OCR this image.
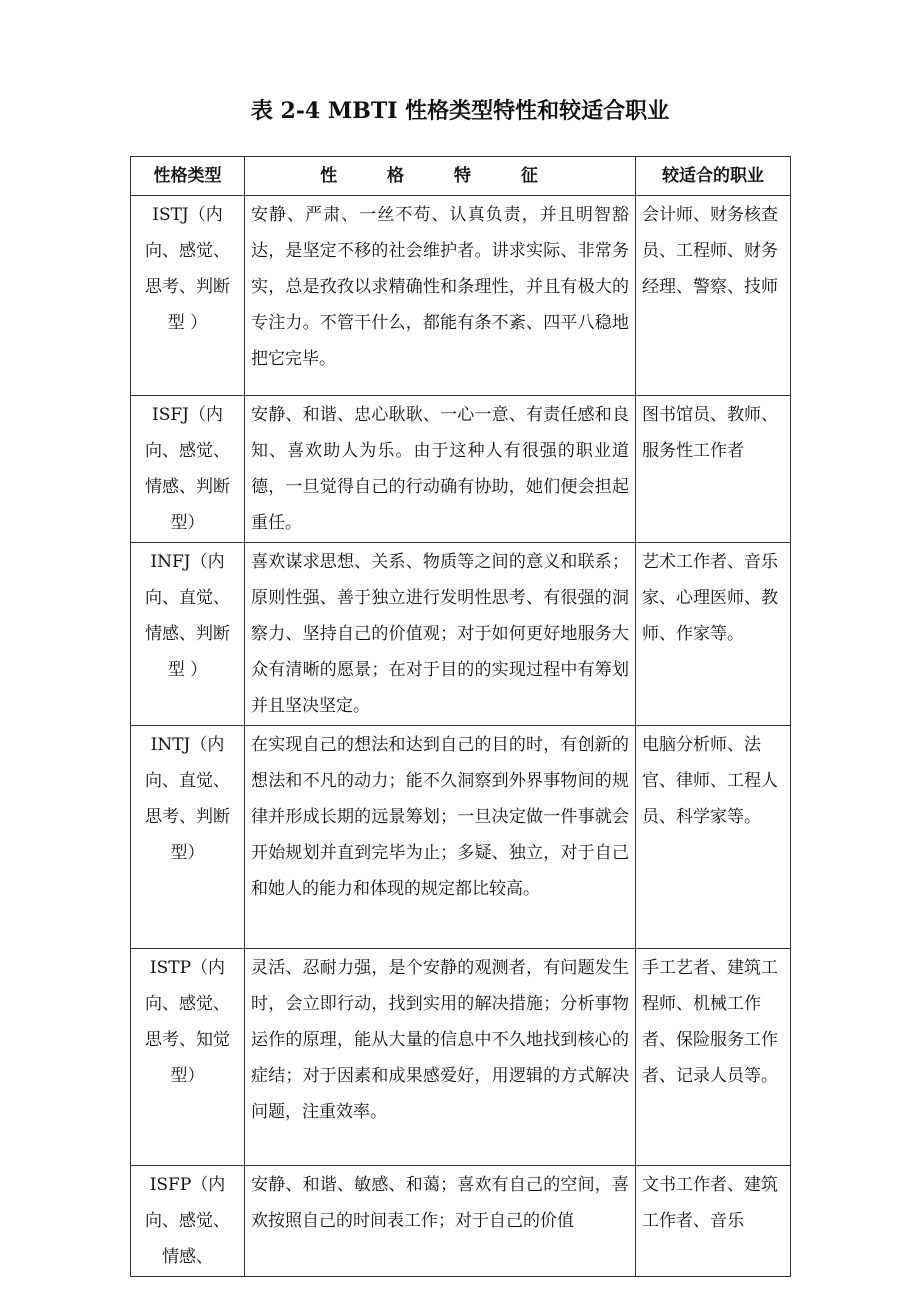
表 2-4 MBTI 性格类型特性和较适合职业
性格类型	性 格 特 征	较适合的职业
ISTJ（内向、感觉、思考、判断型 ）	安静、严肃、一丝不苟、认真负责，并且明智豁达，是坚定不移的社会维护者。讲求实际、非常务实，总是孜孜以求精确性和条理性，并且有极大的专注力。不管干什么，都能有条不紊、四平八稳地把它完毕。	会计师、财务核查员、工程师、财务经理、警察、技师
ISFJ（内向、感觉、情感、判断型）	安静、和谐、忠心耿耿、一心一意、有责任感和良知、喜欢助人为乐。由于这种人有很强的职业道德，一旦觉得自己的行动确有协助，她们便会担起重任。	图书馆员、教师、服务性工作者
INFJ（内向、直觉、情感、判断型 ）	喜欢谋求思想、关系、物质等之间的意义和联系；原则性强、善于独立进行发明性思考、有很强的洞察力、坚持自己的价值观；对于如何更好地服务大众有清晰的愿景；在对于目的的实现过程中有筹划并且坚决坚定。	艺术工作者、音乐家、心理医师、教师、作家等。
INTJ（内向、直觉、思考、判断型）	在实现自己的想法和达到自己的目的时，有创新的想法和不凡的动力；能不久洞察到外界事物间的规律并形成长期的远景筹划；一旦决定做一件事就会开始规划并直到完毕为止；多疑、独立，对于自己和她人的能力和体现的规定都比较高。	电脑分析师、法官、律师、工程人员、科学家等。
ISTP（内向、感觉、思考、知觉型）	灵活、忍耐力强，是个安静的观测者，有问题发生时，会立即行动，找到实用的解决措施；分析事物运作的原理，能从大量的信息中不久地找到核心的症结；对于因素和成果感爱好，用逻辑的方式解决问题，注重效率。	手工艺者、建筑工程师、机械工作者、保险服务工作者、记录人员等。
ISFP（内向、感觉、情感、	安静、和谐、敏感、和蔼；喜欢有自己的空间，喜欢按照自己的时间表工作；对于自己的价值	文书工作者、建筑工作者、音乐
